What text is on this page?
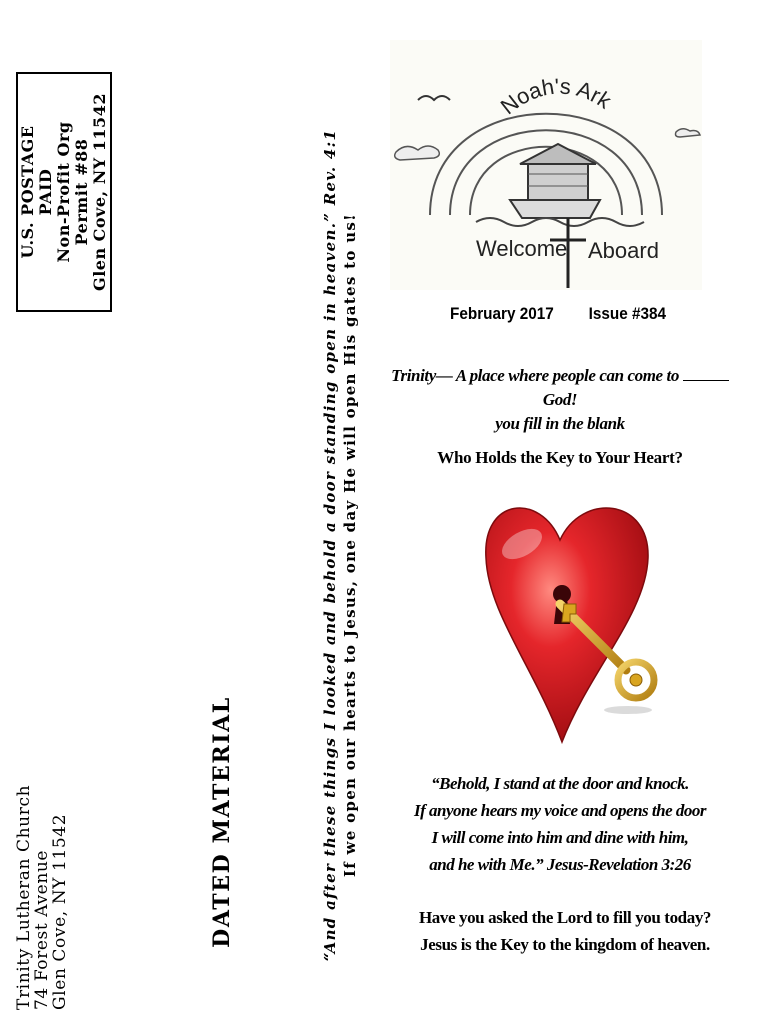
U.S. POSTAGE PAID Non-Profit Org Permit #88 Glen Cove, NY 11542
Trinity Lutheran Church
74 Forest Avenue
Glen Cove, NY 11542	DATED MATERIAL	“And after these things I looked and behold a door standing open in heaven.” Rev. 4:1 If we open our hearts to Jesus, one day He will open His gates to us!
Noah's Ark
Welcome Aboard
February 2017 Issue #384
Trinity— A place where people can come to God!
you fill in the blank
Who Holds the Key to Your Heart?
“Behold, I stand at the door and knock.
If anyone hears my voice and opens the door
I will come into him and dine with him,
and he with Me.” Jesus-Revelation 3:26
Have you asked the Lord to fill you today?
Jesus is the Key to the kingdom of heaven.
